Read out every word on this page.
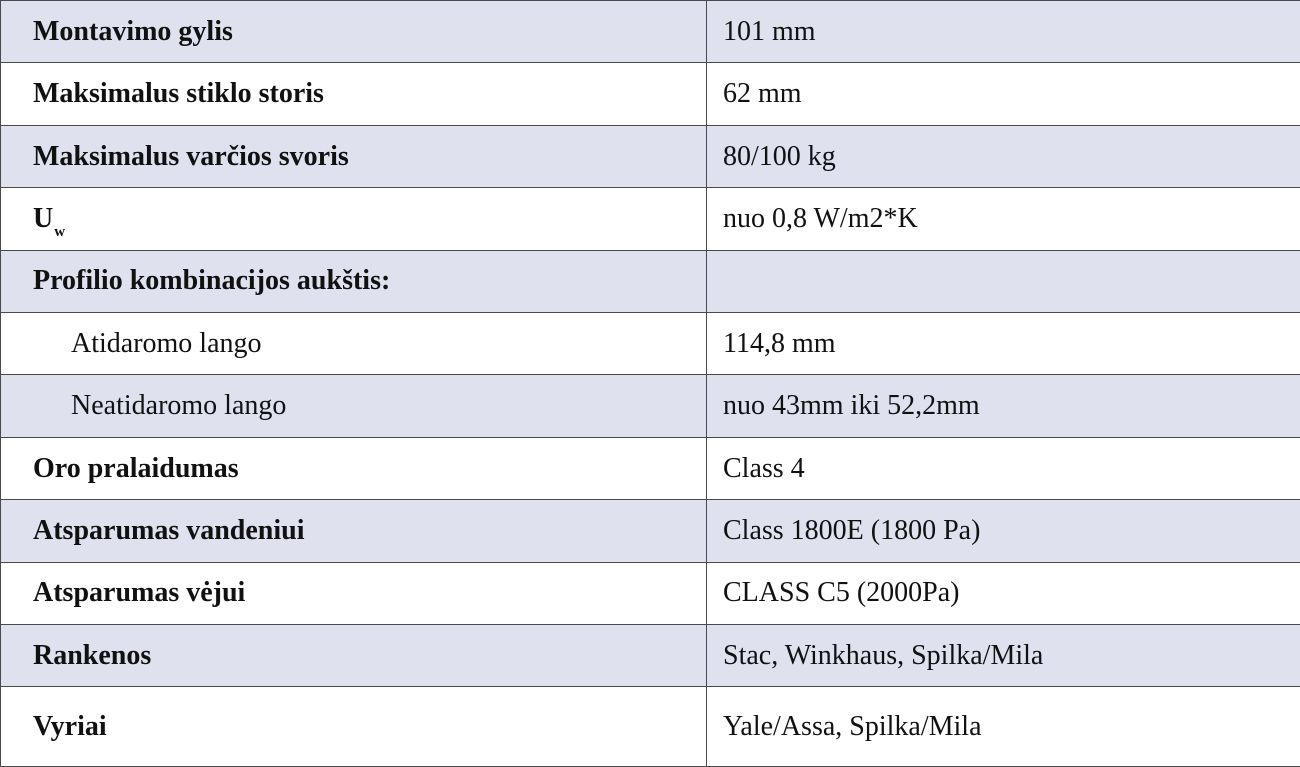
Montavimo gylis	101 mm
Maksimalus stiklo storis	62 mm
Maksimalus varčios svoris	80/100 kg
$U_w$	nuo 0,8 W/m2*K
Profilio kombinacijos aukštis:	
Atidaromo lango	114,8 mm
Neatidaromo lango	nuo 43mm iki 52,2mm
Oro pralaidumas	Class 4
Atsparumas vandeniui	Class 1800E (1800 Pa)
Atsparumas vėjui	CLASS C5 (2000Pa)
Rankenos	Stac, Winkhaus, Spilka/Mila
Vyriai	Yale/Assa, Spilka/Mila
